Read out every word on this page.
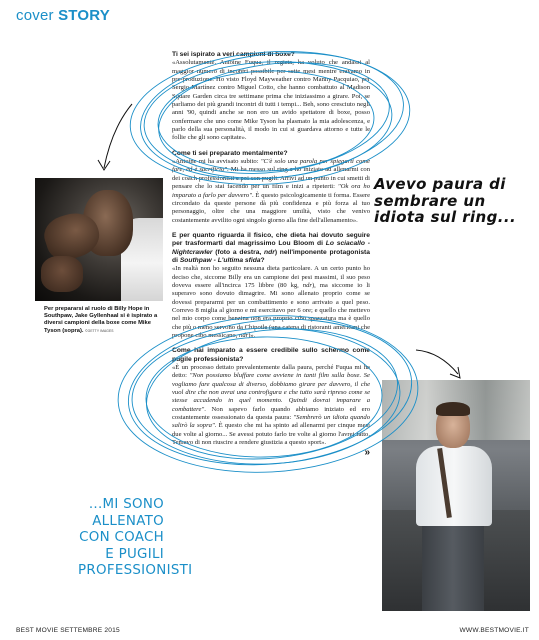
cover STORY

Ti sei ispirato a veri campioni di boxe?

«Assolutamente. Antoine Fuqua, il regista, ha voluto che andassi al maggior numero di incontri possibile per sette mesi mentre eravamo in pre-produzione. Ho visto Floyd Mayweather contro Manny Pacquiao, per Sergio Martínez contro Miguel Cotto, che hanno combattuto al Madison Square Garden circa tre settimane prima che iniziassimo a girare. Poi, se parliamo dei più grandi incontri di tutti i tempi... Beh, sono cresciuto negli anni '90, quindi anche se non ero un avido spettatore di boxe, posso confermare che uno come Mike Tyson ha plasmato la mia adolescenza, e parlo della sua personalità, il modo in cui si guardava attorno e tutte le follie che gli sono capitate».

Come ti sei preparato mentalmente?

«Antoine mi ha avvisato subito: "C'è solo una parola per spiegarti come fare, ed è sacrificio". Mi ha messo sul ring e ho iniziato ad allenarmi con dei coach professionisti e poi con pugili. Arrivi ad un punto in cui smetti di pensare che lo stai facendo per un film e inizi a ripeterti: "Ok ora ho imparato a farlo per davvero". È questo psicologicamente ti forma. Essere circondato da queste persone dà più confidenza e più forza al tuo personaggio, oltre che una maggiore umiltà, visto che venivo costantemente avvilito ogni singolo giorno alla fine dell'allenamento».

E per quanto riguarda il fisico, che dieta hai dovuto seguire per trasformarti dal magrissimo Lou Bloom di Lo sciacallo - Nightcrawler (foto a destra, ndr) nell'imponente protagonista di Southpaw - L'ultima sfida?

«In realtà non ho seguito nessuna dieta particolare. A un certo punto ho deciso che, siccome Billy era un campione dei pesi massimi, il suo peso doveva essere all'incirca 175 libbre (80 kg, ndr), ma siccome io li superavo sono dovuto dimagrire. Mi sono allenato proprio come se dovessi prepararmi per un combattimento e sono arrivato a quel peso. Correvo 8 miglia al giorno e mi esercitavo per 6 ore; e quello che mettevo nel mio corpo come benzina non era proprio cibo spazzatura ma è quello che più o meno servono da Chipotle (una catena di ristoranti americani che propone cibo messicano, ndr)».

Come hai imparato a essere credibile sullo schermo come pugile professionista?

«È un processo dettato prevalentemente dalla paura, perché Fuqua mi ha detto: "Non possiamo bluffare come avviene in tanti film sulla boxe. Se vogliamo fare qualcosa di diverso, dobbiamo girare per davvero, il che vuol dire che non avrai una controfigura e che tutto sarà ripreso come se stesse accadendo in quel momento. Quindi dovrai imparare a combattere". Non sapevo farlo quando abbiamo iniziato ed ero costantemente ossessionato da questa paura: "Sembrerò un idiota quando salirò la sopra". È questo che mi ha spinto ad allenarmi per cinque mesi due volte al giorno... Se avessi potuto farlo tre volte al giorno l'avrei fatto. Temevo di non riuscire a rendere giustizia a questo sport».

»

Per prepararsi al ruolo di Billy Hope in Southpaw, Jake Gyllenhaal si è ispirato a diversi campioni della boxe come Mike Tyson (sopra). ©GETTY IMAGES
Avevo paura di sembrare un idiota sul ring...
...MI SONO ALLENATO CON COACH E PUGILI PROFESSIONISTI
BEST MOVIE SETTEMBRE 2015	WWW.BESTMOVIE.IT
